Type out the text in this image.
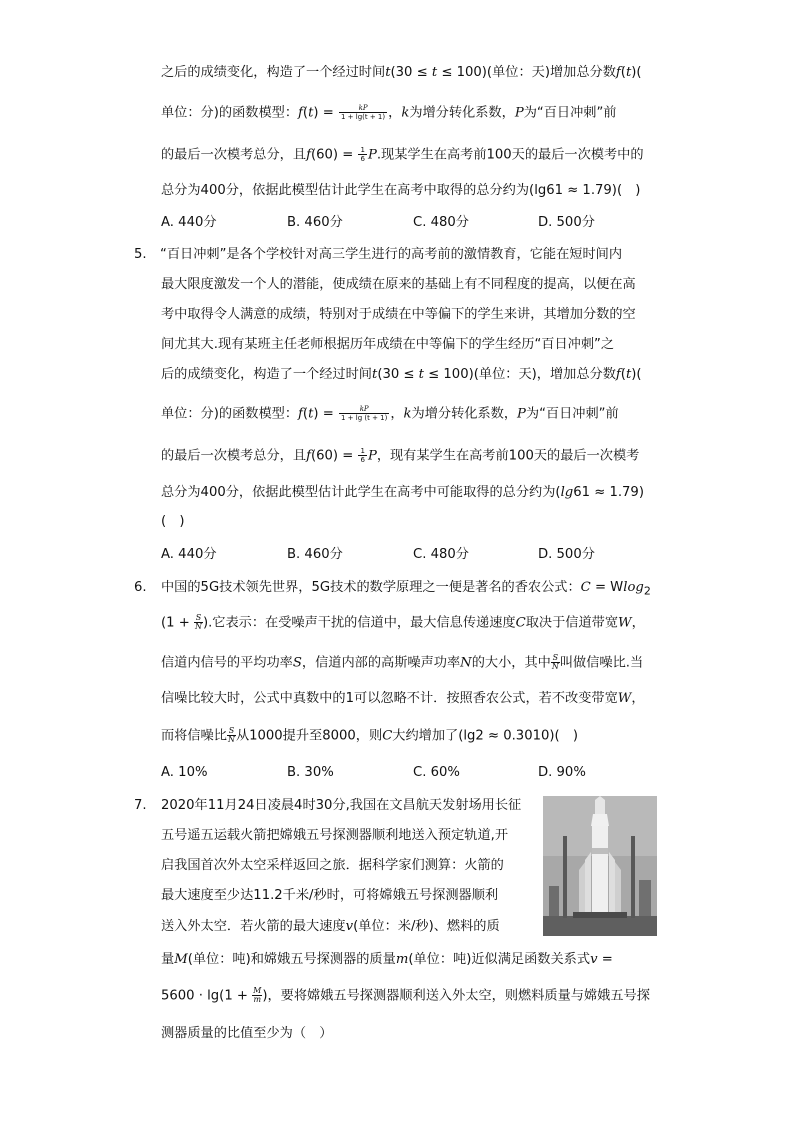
之后的成绩变化，构造了一个经过时间t(30 ≤ t ≤ 100)(单位：天)增加总分数f(t)(
单位：分)的函数模型：$f(t) = \frac{kP}{1 + \lg(t + 1)}$ ，k为增分转化系数，P为“百日冲刺”前
的最后一次模考总分，且$f(60) = \frac{1}{6} P$.现某学生在高考前100天的最后一次模考中的
总分为400分，依据此模型估计此学生在高考中取得的总分约为(lg61 ≈ 1.79)(　)
A. 440分	B. 460分	C. 480分	D. 500分
5. “百日冲刺”是各个学校针对高三学生进行的高考前的激情教育，它能在短时间内
最大限度激发一个人的潜能，使成绩在原来的基础上有不同程度的提高，以便在高
考中取得令人满意的成绩，特别对于成绩在中等偏下的学生来讲，其增加分数的空
间尤其大.现有某班主任老师根据历年成绩在中等偏下的学生经历“百日冲刺”之
后的成绩变化，构造了一个经过时间t(30 ≤ t ≤ 100)(单位：天)，增加总分数f(t)(
单位：分)的函数模型：$f(t) = \frac{kP}{1 + \lg (t + 1)}$ ，k为增分转化系数，P为“百日冲刺”前
的最后一次模考总分，且$f(60) = \frac{1}{6}$ P，现有某学生在高考前100天的最后一次模考
总分为400分，依据此模型估计此学生在高考中可能取得的总分约为(lg61 ≈ 1.79)
(　)
A. 440分	B. 460分	C. 480分	D. 500分
6. 中国的5G技术领先世界，5G技术的数学原理之一便是著名的香农公式：C = Wlog$_2$
($1 + \frac{S}{N}$ ).它表示：在受噪声干扰的信道中，最大信息传递速度C取决于信道带宽W，
信道内信号的平均功率S，信道内部的高斯噪声功率N的大小，其中 $\frac{S}{N}$ 叫做信噪比.当
信噪比较大时，公式中真数中的1可以忽略不计．按照香农公式，若不改变带宽W，
而将信噪比 $\frac{S}{N}$ 从1000提升至8000，则C大约增加了(lg2 ≈ 0.3010)(　)
A. 10%	B. 30%	C. 60%	D. 90%
7. 2020年11月24日凌晨4时30分,我国在文昌航天发射场用长征
五号遥五运载火箭把嫦娥五号探测器顺利地送入预定轨道,开
启我国首次外太空采样返回之旅．据科学家们测算：火箭的
最大速度至少达11.2千米/秒时，可将嫦娥五号探测器顺利
送入外太空．若火箭的最大速度v(单位：米/秒)、燃料的质
量M(单位：吨)和嫦娥五号探测器的质量m(单位：吨)近似满足函数关系式v =
$5600 \cdot \lg(1 + \frac{M}{m}$ )，要将嫦娥五号探测器顺利送入外太空，则燃料质量与嫦娥五号探
测器质量的比值至少为（　）
